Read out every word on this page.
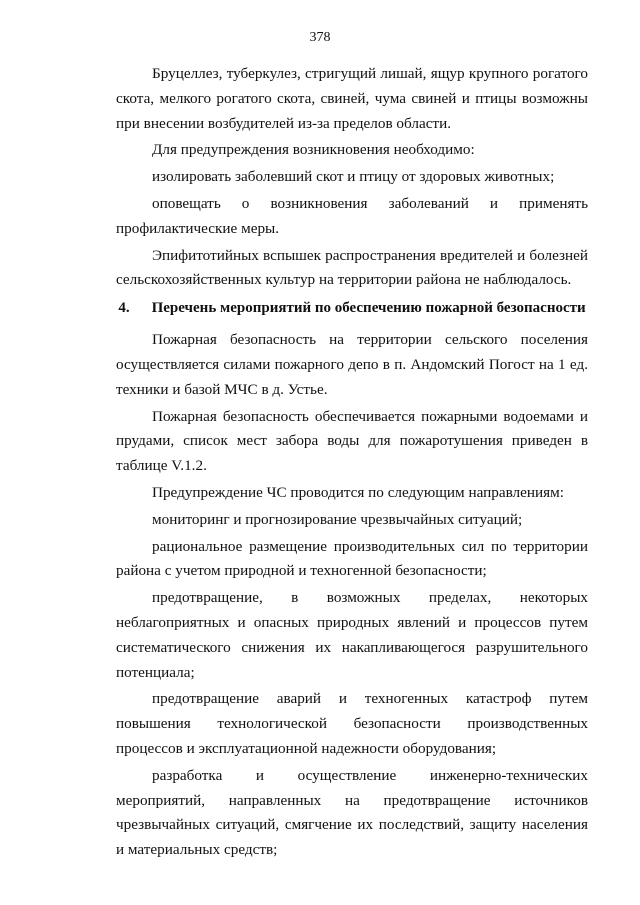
378

Бруцеллез, туберкулез, стригущий лишай, ящур крупного рогатого скота, мелкого рогатого скота, свиней, чума свиней и птицы возможны при внесении возбудителей из-за пределов области.

Для предупреждения возникновения необходимо:

изолировать заболевший скот и птицу от здоровых животных;

оповещать о возникновения заболеваний и применять профилактические меры.

Эпифитотийных вспышек распространения вредителей и болезней сельскохозяйственных культур на территории района не наблюдалось.

4. Перечень мероприятий по обеспечению пожарной безопасности

Пожарная безопасность на территории сельского поселения осуществляется силами пожарного депо в п. Андомский Погост на 1 ед. техники и базой МЧС в д. Устье.

Пожарная безопасность обеспечивается пожарными водоемами и прудами, список мест забора воды для пожаротушения приведен в таблице V.1.2.

Предупреждение ЧС проводится по следующим направлениям:

мониторинг и прогнозирование чрезвычайных ситуаций;

рациональное размещение производительных сил по территории района с учетом природной и техногенной безопасности;

предотвращение, в возможных пределах, некоторых неблагоприятных и опасных природных явлений и процессов путем систематического снижения их накапливающегося разрушительного потенциала;

предотвращение аварий и техногенных катастроф путем повышения технологической безопасности производственных процессов и эксплуатационной надежности оборудования;

разработка и осуществление инженерно-технических мероприятий, направленных на предотвращение источников чрезвычайных ситуаций, смягчение их последствий, защиту населения и материальных средств;
